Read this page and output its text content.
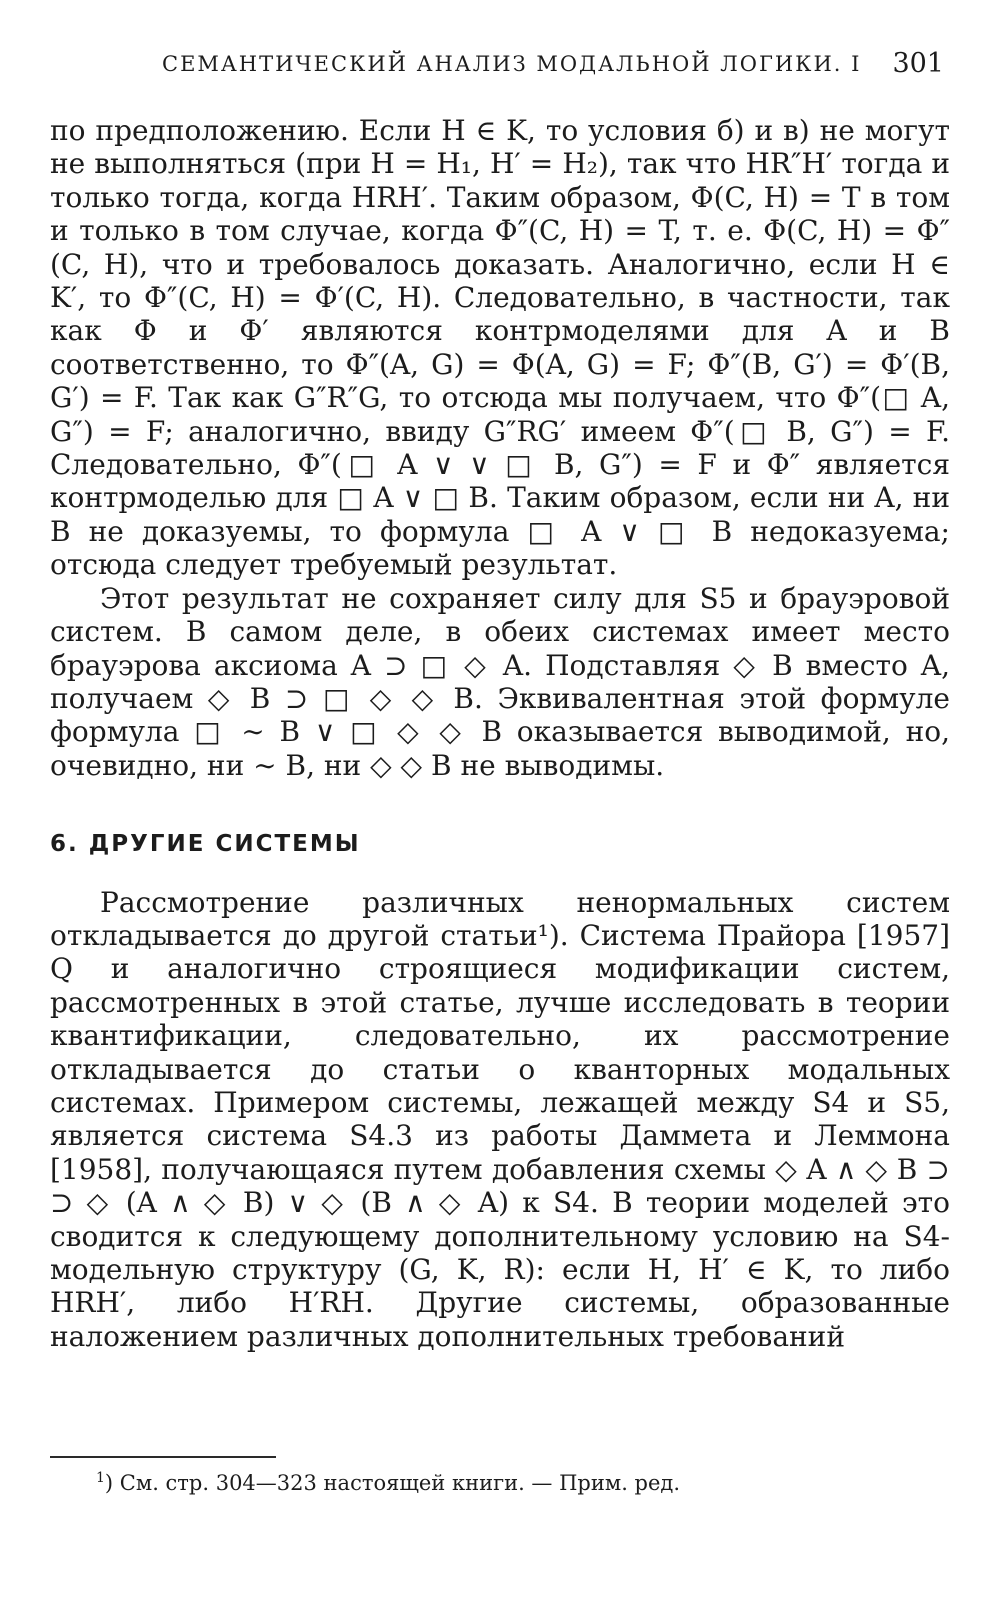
СЕМАНТИЧЕСКИЙ АНАЛИЗ МОДАЛЬНОЙ ЛОГИКИ. I 301

по предположению. Если H ∈ K, то условия б) и в) не могут не выполняться (при H = H₁, H′ = H₂), так что HR″H′ тогда и только тогда, когда HRH′. Таким образом, Φ(C, H) = T в том и только в том случае, когда Φ″(C, H) = T, т. е. Φ(C, H) = Φ″(C, H), что и требовалось доказать. Аналогично, если H ∈ K′, то Φ″(C, H) = Φ′(C, H). Следовательно, в частности, так как Φ и Φ′ являются контрмоделями для A и B соответственно, то Φ″(A, G) = Φ(A, G) = F; Φ″(B, G′) = Φ′(B, G′) = F. Так как G″R″G, то отсюда мы получаем, что Φ″(□ A, G″) = F; аналогично, ввиду G″RG′ имеем Φ″(□ B, G″) = F. Следовательно, Φ″(□ A ∨ ∨ □ B, G″) = F и Φ″ является контрмоделью для □ A ∨ □ B. Таким образом, если ни A, ни B не доказуемы, то формула □ A ∨ □ B недоказуема; отсюда следует требуемый результат.

Этот результат не сохраняет силу для S5 и брауэровой систем. В самом деле, в обеих системах имеет место брауэрова аксиома A ⊃ □ ◇ A. Подставляя ◇ B вместо A, получаем ◇ B ⊃ □ ◇ ◇ B. Эквивалентная этой формуле формула □ ∼ B ∨ □ ◇ ◇ B оказывается выводимой, но, очевидно, ни ∼ B, ни ◇ ◇ B не выводимы.

6. ДРУГИЕ СИСТЕМЫ

Рассмотрение различных ненормальных систем откладывается до другой статьи¹). Система Прайора [1957] Q и аналогично строящиеся модификации систем, рассмотренных в этой статье, лучше исследовать в теории квантификации, следовательно, их рассмотрение откладывается до статьи о кванторных модальных системах. Примером системы, лежащей между S4 и S5, является система S4.3 из работы Даммета и Леммона [1958], получающаяся путем добавления схемы ◇ A ∧ ◇ B ⊃ ⊃ ◇ (A ∧ ◇ B) ∨ ◇ (B ∧ ◇ A) к S4. В теории моделей это сводится к следующему дополнительному условию на S4-модельную структуру (G, K, R): если H, H′ ∈ K, то либо HRH′, либо H′RH. Другие системы, образованные наложением различных дополнительных требований

$^1$) См. стр. 304—323 настоящей книги. — Прим. ред.
